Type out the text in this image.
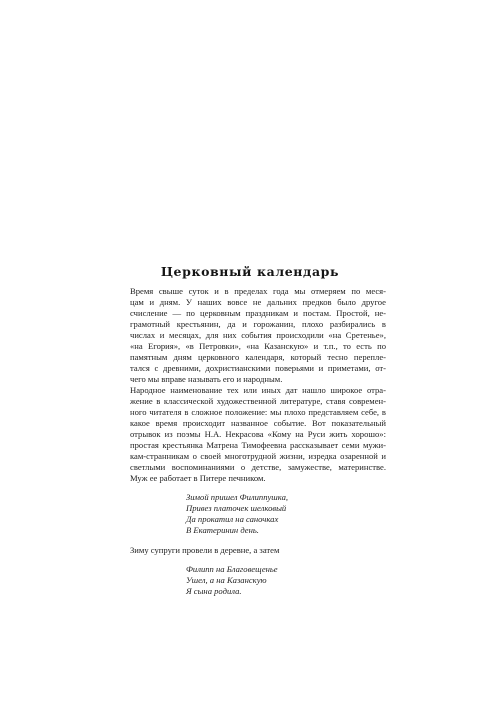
Церковный календарь

Время свыше суток и в пределах года мы отмеряем по меся-
цам и дням. У наших вовсе не дальних предков было другое
счисление — по церковным праздникам и постам. Простой, не-
грамотный крестьянин, да и горожанин, плохо разбирались в
числах и месяцах, для них события происходили «на Сретенье»,
«на Егория», «в Петровки», «на Казанскую» и т.п., то есть по
памятным дням церковного календаря, который тесно переплe-
тался с древними, дохристианскими поверьями и приметами, от-
чего мы вправе называть его и народным.

Народное наименование тех или иных дат нашло широкое отра-
жение в классической художественной литературе, ставя современ-
ного читателя в сложное положение: мы плохо представляем себе, в
какое время происходит названное событие. Вот показательный
отрывок из поэмы Н.А. Некрасова «Кому на Руси жить хорошо»:
простая крестьянка Матрена Тимофеевна рассказывает семи мужи-
кам-странникам о своей многотрудной жизни, изредка озаренной и
светлыми воспоминаниями о детстве, замужестве, материнстве.
Муж ее работает в Питере печником.

Зимой пришел Филиппушка,
Привез платочек шелковый
Да прокатил на саночках
В Екатеринин день.

Зиму супруги провели в деревне, а затем

Филипп на Благовещенье
Ушел, а на Казанскую
Я сына родила.
